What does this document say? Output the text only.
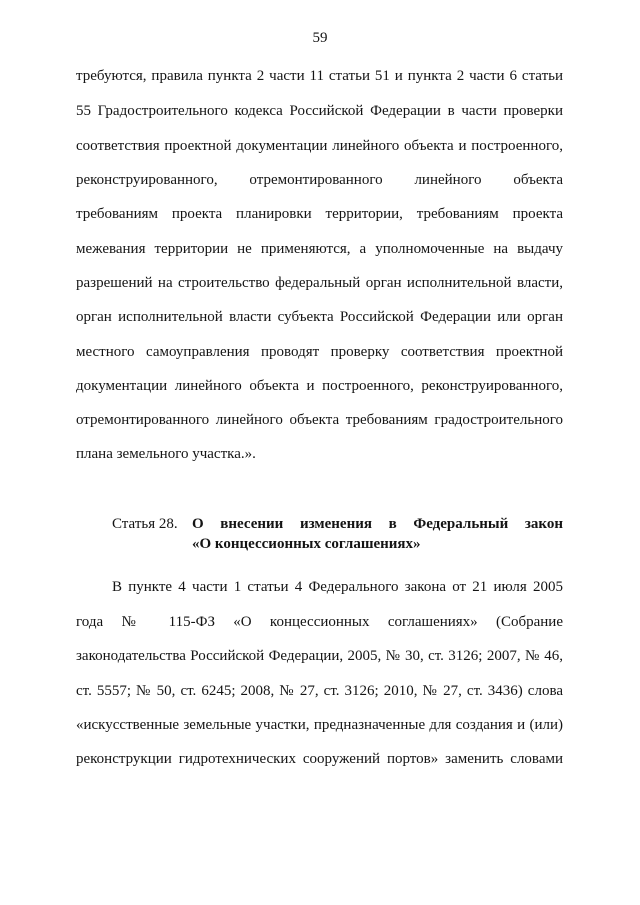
59
требуются, правила пункта 2 части 11 статьи 51 и пункта 2 части 6 статьи
55 Градостроительного кодекса Российской Федерации в части проверки
соответствия проектной документации линейного объекта и построенного,
реконструированного, отремонтированного линейного объекта
требованиям проекта планировки территории, требованиям проекта
межевания территории не применяются, а уполномоченные на выдачу
разрешений на строительство федеральный орган исполнительной власти,
орган исполнительной власти субъекта Российской Федерации или орган
местного самоуправления проводят проверку соответствия проектной
документации линейного объекта и построенного, реконструированного,
отремонтированного линейного объекта требованиям градостроительного
плана земельного участка.».
Статья 28. О внесении изменения в Федеральный закон
«О концессионных соглашениях»
В пункте 4 части 1 статьи 4 Федерального закона от 21 июля 2005
года № 115-ФЗ «О концессионных соглашениях» (Собрание
законодательства Российской Федерации, 2005, № 30, ст. 3126; 2007, № 46,
ст. 5557; № 50, ст. 6245; 2008, № 27, ст. 3126; 2010, № 27, ст. 3436) слова
«искусственные земельные участки, предназначенные для создания и (или)
реконструкции гидротехнических сооружений портов» заменить словами
